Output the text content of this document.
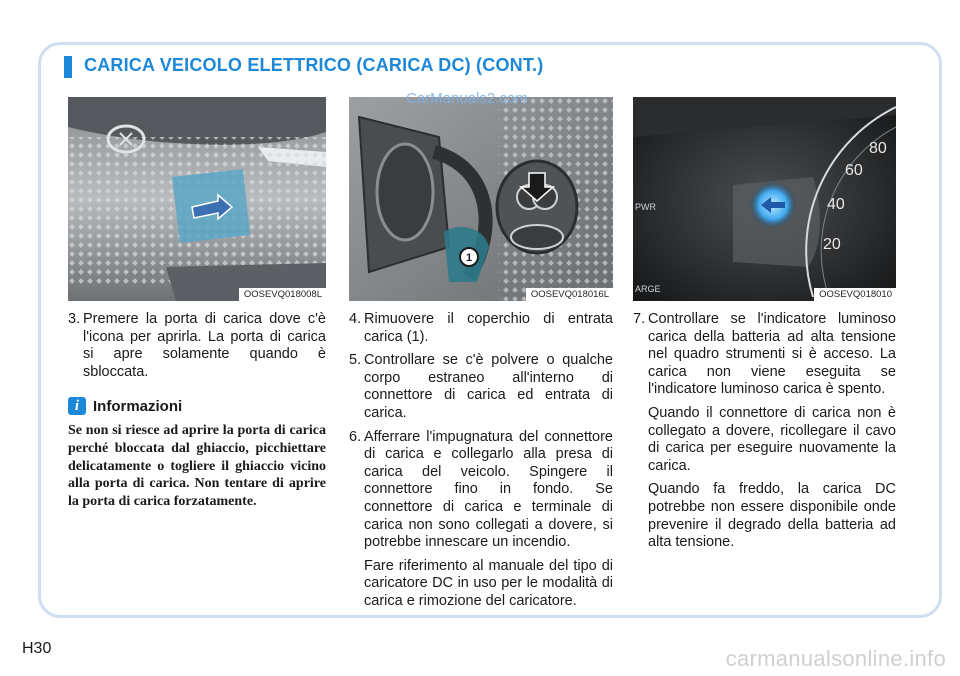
CARICA VEICOLO ELETTRICO (CARICA DC) (CONT.)
OOSEVQ018008L
1
OOSEVQ018016L
80
60
40
20
PWR
ARGE	OOSEVQ018010
CarManuals2.com
3. Premere la porta di carica dove c'è l'icona per aprirla. La porta di carica si apre solamente quando è sbloccata.
i Informazioni
Se non si riesce ad aprire la porta di carica perché bloccata dal ghiaccio, picchiettare delicatamente o togliere il ghiaccio vicino alla porta di carica. Non tentare di aprire la porta di carica forzatamente.
4. Rimuovere il coperchio di entrata carica (1).
5. Controllare se c'è polvere o qualche corpo estraneo all'interno di connettore di carica ed entrata di carica.
6. Afferrare l'impugnatura del connettore di carica e collegarlo alla presa di carica del veicolo. Spingere il connettore fino in fondo. Se connettore di carica e terminale di carica non sono collegati a dovere, si potrebbe innescare un incendio.
Fare riferimento al manuale del tipo di caricatore DC in uso per le modalità di carica e rimozione del caricatore.
7. Controllare se l'indicatore luminoso carica della batteria ad alta tensione nel quadro strumenti si è acceso. La carica non viene eseguita se l'indicatore luminoso carica è spento.
Quando il connettore di carica non è collegato a dovere, ricollegare il cavo di carica per eseguire nuovamente la carica.
Quando fa freddo, la carica DC potrebbe non essere disponibile onde prevenire il degrado della batteria ad alta tensione.
H30	carmanualsonline.info
